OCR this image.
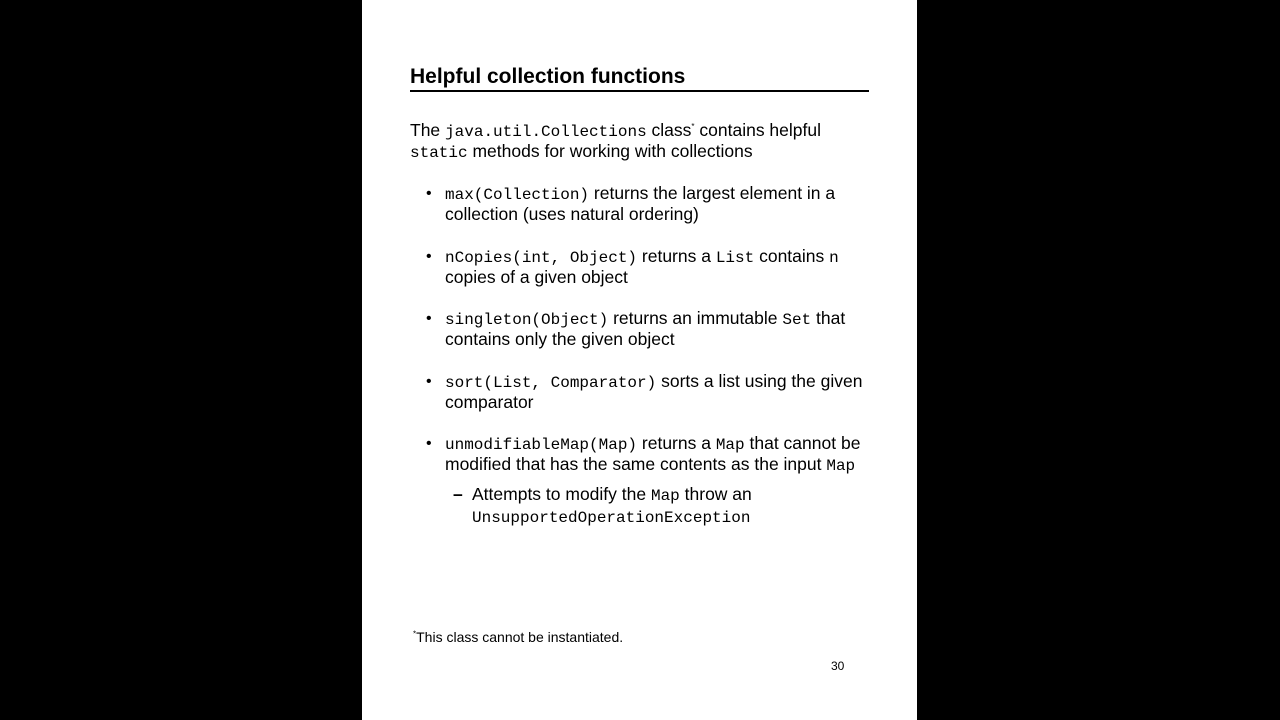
Helpful collection functions

The java.util.Collections class* contains helpful
static methods for working with collections

• max(Collection) returns the largest element in a collection (uses natural ordering)
• nCopies(int, Object) returns a List contains n copies of a given object
• singleton(Object) returns an immutable Set that contains only the given object
• sort(List, Comparator) sorts a list using the given comparator
• unmodifiableMap(Map) returns a Map that cannot be modified that has the same contents as the input Map
– Attempts to modify the Map throw an
UnsupportedOperationException
*This class cannot be instantiated.
30
